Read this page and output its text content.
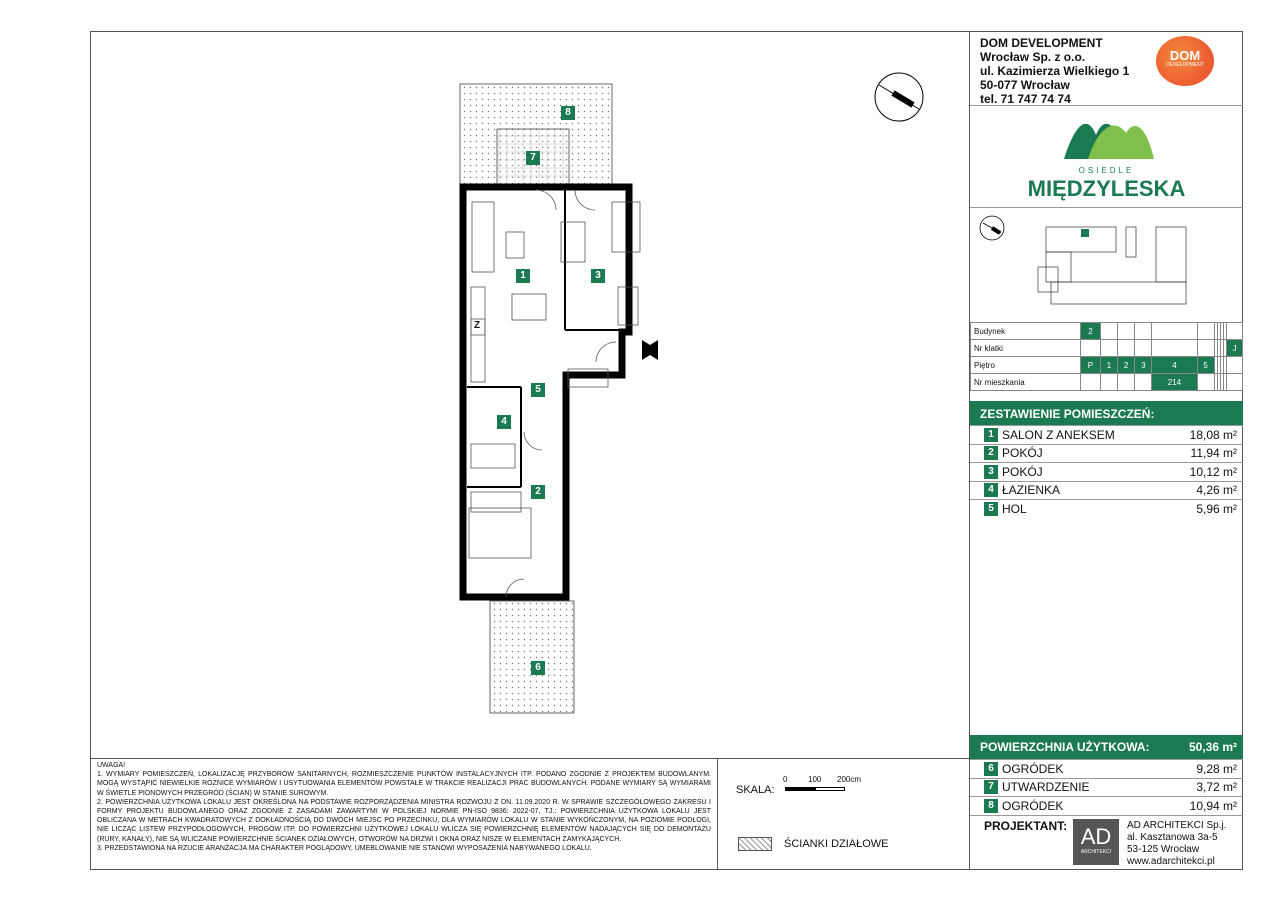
8
7
1	3
5
4
2
6
Z
DOM DEVELOPMENT
Wrocław Sp. z o.o.
ul. Kazimierza Wielkiego 1
50-077 Wrocław
tel. 71 747 74 74
DOM
DEVELOPMENT
OSIEDLE
MIĘDZYLESKA
Budynek	2										
Nr klatki											J
Piętro	P	1	2	3	4	5					
Nr mieszkania					214						
ZESTAWIENIE POMIESZCZEŃ:
1 SALON Z ANEKSEM	18,08 m²
2 POKÓJ	11,94 m²
3 POKÓJ	10,12 m²
4 ŁAZIENKA	4,26 m²
5 HOL	5,96 m²
POWIERZCHNIA UŻYTKOWA:	50,36 m²
6 OGRÓDEK	9,28 m²
7 UTWARDZENIE	3,72 m²
8 OGRÓDEK	10,94 m²
PROJEKTANT: AD
ARCHITEKCI
AD ARCHITEKCI Sp.j.
al. Kasztanowa 3a-5
53-125 Wrocław
www.adarchitekci.pl
UWAGA!
1. WYMIARY POMIESZCZEŃ, LOKALIZACJĘ PRZYBORÓW SANITARNYCH, ROZMIESZCZENIE PUNKTÓW INSTALACYJNYCH ITP. PODANO ZGODNIE Z PROJEKTEM BUDOWLANYM. MOGĄ WYSTĄPIĆ NIEWIELKIE RÓŻNICE WYMIARÓW I USYTUOWANIA ELEMENTÓW POWSTAŁE W TRAKCIE REALIZACJI PRAC BUDOWLANYCH. PODANE WYMIARY SĄ WYMIARAMI W ŚWIETLE PIONOWYCH PRZEGRÓD (ŚCIAN) W STANIE SUROWYM.
2. POWIERZCHNIA UŻYTKOWA LOKALU JEST OKREŚLONA NA PODSTAWIE ROZPORZĄDZENIA MINISTRA ROZWOJU Z DN. 11.09.2020 R. W SPRAWIE SZCZEGÓŁOWEGO ZAKRESU I FORMY PROJEKTU BUDOWLANEGO ORAZ ZGODNIE Z ZASADAMI ZAWARTYMI W POLSKIEJ NORMIE PN-ISO 9836: 2022-07, TJ.: POWIERZCHNIA UŻYTKOWA LOKALU JEST OBLICZANA W METRACH KWADRATOWYCH Z DOKŁADNOŚCIĄ DO DWÓCH MIEJSC PO PRZECINKU, DLA WYMIARÓW LOKALU W STANIE WYKOŃCZONYM, NA POZIOMIE PODŁOGI, NIE LICZĄC LISTEW PRZYPODŁOGOWYCH, PROGÓW ITP. DO POWIERZCHNI UŻYTKOWEJ LOKALU WLICZA SIĘ POWIERZCHNIĘ ELEMENTÓW NADAJĄCYCH SIĘ DO DEMONTAŻU (RURY, KANAŁY), NIE SĄ WLICZANE POWIERZCHNIE ŚCIANEK DZIAŁOWYCH, OTWORÓW NA DRZWI I OKNA ORAZ NISZE W ELEMENTACH ZAMYKAJĄCYCH.
3. PRZEDSTAWIONA NA RZUCIE ARANŻACJA MA CHARAKTER POGLĄDOWY, UMEBLOWANIE NIE STANOWI WYPOSAŻENIA NABYWANEGO LOKALU.
SKALA:
0	100 200cm
ŚCIANKI DZIAŁOWE
